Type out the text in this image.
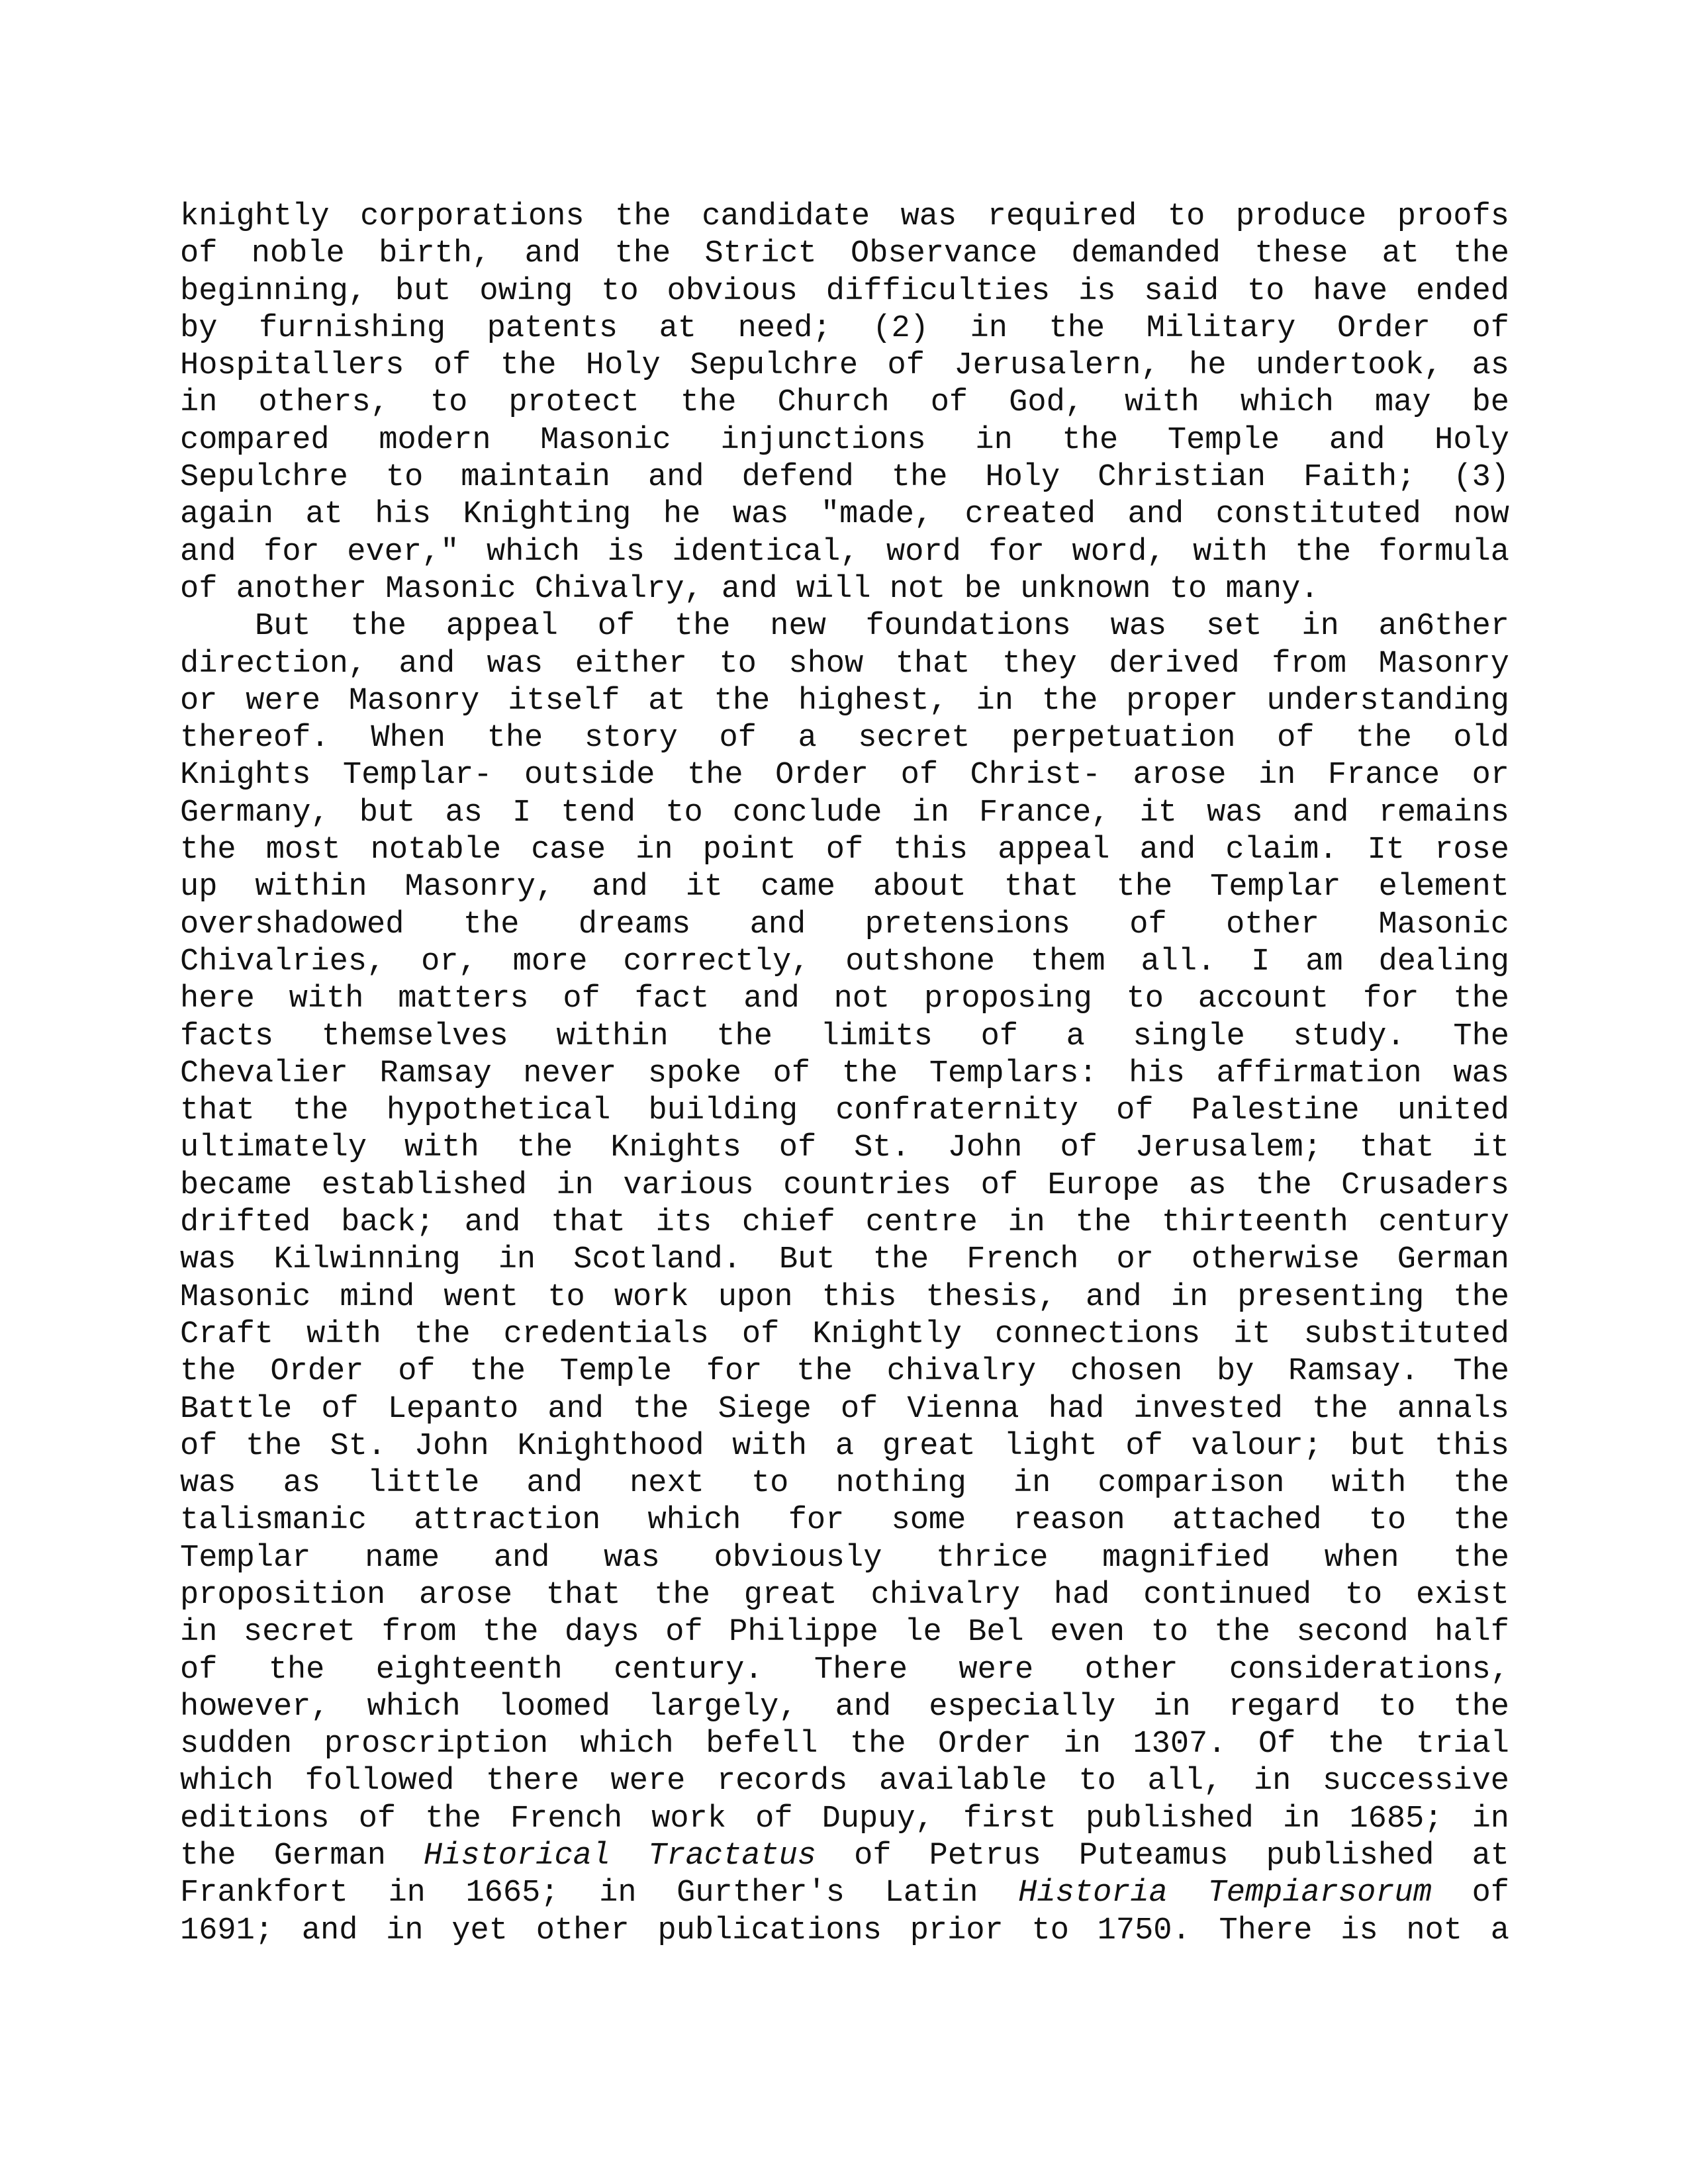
knightly corporations the candidate was required to produce proofs
of noble birth, and the Strict Observance demanded these at the
beginning, but owing to obvious difficulties is said to have ended
by furnishing patents at need; (2) in the Military Order of
Hospitallers of the Holy Sepulchre of Jerusalern, he undertook, as
in others, to protect the Church of God, with which may be
compared modern Masonic injunctions in the Temple and Holy
Sepulchre to maintain and defend the Holy Christian Faith; (3)
again at his Knighting he was "made, created and constituted now
and for ever," which is identical, word for word, with the formula
of another Masonic Chivalry, and will not be unknown to many.
But the appeal of the new foundations was set in an6ther
direction, and was either to show that they derived from Masonry
or were Masonry itself at the highest, in the proper understanding
thereof. When the story of a secret perpetuation of the old
Knights Templar- outside the Order of Christ- arose in France or
Germany, but as I tend to conclude in France, it was and remains
the most notable case in point of this appeal and claim. It rose
up within Masonry, and it came about that the Templar element
overshadowed the dreams and pretensions of other Masonic
Chivalries, or, more correctly, outshone them all. I am dealing
here with matters of fact and not proposing to account for the
facts themselves within the limits of a single study. The
Chevalier Ramsay never spoke of the Templars: his affirmation was
that the hypothetical building confraternity of Palestine united
ultimately with the Knights of St. John of Jerusalem; that it
became established in various countries of Europe as the Crusaders
drifted back; and that its chief centre in the thirteenth century
was Kilwinning in Scotland. But the French or otherwise German
Masonic mind went to work upon this thesis, and in presenting the
Craft with the credentials of Knightly connections it substituted
the Order of the Temple for the chivalry chosen by Ramsay. The
Battle of Lepanto and the Siege of Vienna had invested the annals
of the St. John Knighthood with a great light of valour; but this
was as little and next to nothing in comparison with the
talismanic attraction which for some reason attached to the
Templar name and was obviously thrice magnified when the
proposition arose that the great chivalry had continued to exist
in secret from the days of Philippe le Bel even to the second half
of the eighteenth century. There were other considerations,
however, which loomed largely, and especially in regard to the
sudden proscription which befell the Order in 1307. Of the trial
which followed there were records available to all, in successive
editions of the French work of Dupuy, first published in 1685; in
the German Historical Tractatus of Petrus Puteamus published at
Frankfort in 1665; in Gurther's Latin Historia Tempiarsorum of
1691; and in yet other publications prior to 1750. There is not a
